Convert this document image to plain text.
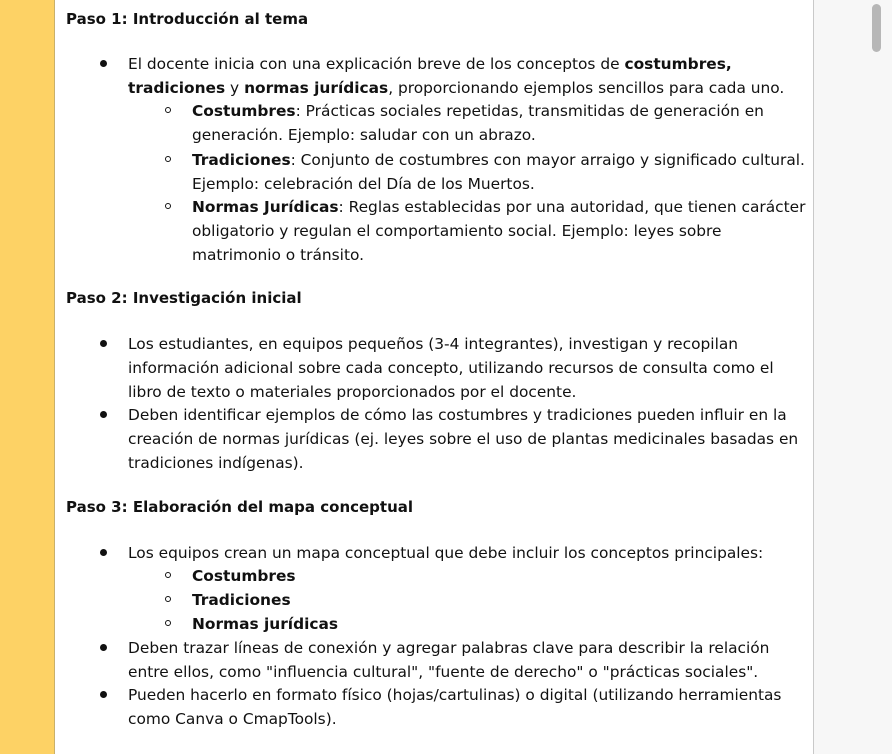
Paso 1: Introducción al tema

El docente inicia con una explicación breve de los conceptos de costumbres,
tradiciones y normas jurídicas, proporcionando ejemplos sencillos para cada uno.

Costumbres: Prácticas sociales repetidas, transmitidas de generación en generación. Ejemplo: saludar con un abrazo.

Tradiciones: Conjunto de costumbres con mayor arraigo y significado cultural. Ejemplo: celebración del Día de los Muertos.

Normas Jurídicas: Reglas establecidas por una autoridad, que tienen carácter obligatorio y regulan el comportamiento social. Ejemplo: leyes sobre matrimonio o tránsito.

Paso 2: Investigación inicial

Los estudiantes, en equipos pequeños (3-4 integrantes), investigan y recopilan información adicional sobre cada concepto, utilizando recursos de consulta como el libro de texto o materiales proporcionados por el docente.

Deben identificar ejemplos de cómo las costumbres y tradiciones pueden influir en la creación de normas jurídicas (ej. leyes sobre el uso de plantas medicinales basadas en tradiciones indígenas).

Paso 3: Elaboración del mapa conceptual

Los equipos crean un mapa conceptual que debe incluir los conceptos principales:

Costumbres

Tradiciones

Normas jurídicas

Deben trazar líneas de conexión y agregar palabras clave para describir la relación entre ellos, como "influencia cultural", "fuente de derecho" o "prácticas sociales".

Pueden hacerlo en formato físico (hojas/cartulinas) o digital (utilizando herramientas como Canva o CmapTools).
